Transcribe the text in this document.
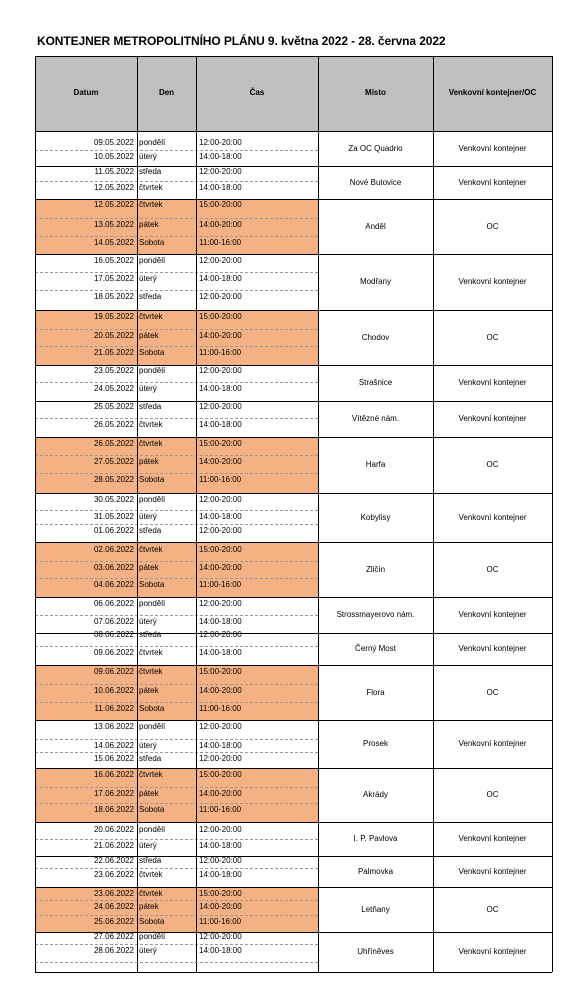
KONTEJNER METROPOLITNÍHO PLÁNU 9. května 2022 - 28. června 2022
Datum	Den	Čas	Místo	Venkovní kontejner/OC
09.05.2022 pondělí	12:00-20:00
10.05.2022 úterý	14:00-18:00
Za OC Quadrio	Venkovní kontejner
11.05.2022 středa	12:00-20:00
12.05.2022 čtvrtek	14:00-18:00
Nové Butovice	Venkovní kontejner
12.05.2022 čtvrtek	15:00-20:00
13.05.2022 pátek	14:00-20:00
14.05.2022 Sobota	11:00-16:00
Anděl	OC
16.05.2022 pondělí	12:00-20:00
17.05.2022 úterý	14:00-18:00
18.05.2022 středa	12:00-20:00
Modřany	Venkovní kontejner
19.05.2022 čtvrtek	15:00-20:00
20.05.2022 pátek	14:00-20:00
21.05.2022 Sobota	11:00-16:00
Chodov	OC
23.05.2022 pondělí	12:00-20:00
24.05.2022 úterý	14:00-18:00
Strašnice	Venkovní kontejner
25.05.2022 středa	12:00-20:00
26.05.2022 čtvrtek	14:00-18:00
Vítězné nám.	Venkovní kontejner
26.05.2022 čtvrtek	15:00-20:00
27.05.2022 pátek	14:00-20:00
28.05.2022 Sobota	11:00-16:00
Harfa	OC
30.05.2022 pondělí	12:00-20:00
31.05.2022 úterý	14:00-18:00
01.06.2022 středa	12:00-20:00
Kobylisy	Venkovní kontejner
02.06.2022 čtvrtek	15:00-20:00
03.06.2022 pátek	14:00-20:00
04.06.2022 Sobota	11:00-16:00
Zličín	OC
06.06.2022 pondělí	12:00-20:00
07.06.2022 úterý	14:00-18:00
Strossmayerovo nám.	Venkovní kontejner
08.06.2022 středa	12:00-20:00
09.06.2022 čtvrtek	14:00-18:00	Černý Most	Venkovní kontejner
09.06.2022 čtvrtek	15:00-20:00
10.06.2022 pátek	14:00-20:00
11.06.2022 Sobota	11:00-16:00
Flora	OC
13.06.2022 pondělí	12:00-20:00
14.06.2022 úterý	14:00-18:00
15.06.2022 středa	12:00-20:00
Prosek	Venkovní kontejner
16.06.2022 čtvrtek	15:00-20:00
17.06.2022 pátek	14:00-20:00
18.06.2022 Sobota	11:00-16:00
Akrády	OC
20.06.2022 pondělí	12:00-20:00
21.06.2022 úterý	14:00-18:00
I. P. Pavlova	Venkovní kontejner
22.06.2022 středa	12:00-20:00
23.06.2022 čtvrtek	14:00-18:00	Palmovka	Venkovní kontejner
23.06.2022 čtvrtek	15:00-20:00
24.06.2022 pátek	14:00-20:00
25.06.2022 Sobota	11:00-16:00
Letňany	OC
27.06.2022 pondělí	12:00-20:00
28.06.2022 úterý	14:00-18:00	Uhříněves	Venkovní kontejner
